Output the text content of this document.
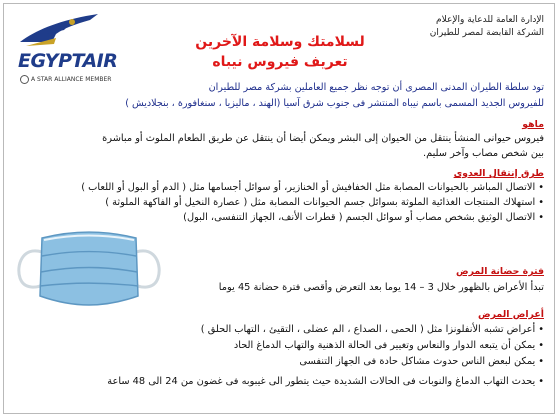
EGYPTAIR
A STAR ALLIANCE MEMBER
الإدارة العامة للدعاية والإعلام
الشركة القابضة لمصر للطيران
لسلامتك وسلامة الآخرين
تعريف فيروس نيباه
تود سلطة الطيران المدنى المصرى أن توجه نظر جميع العاملين بشركة مصر للطيران
للفيروس الجديد المسمى باسم نيباه المنتشر فى جنوب شرق آسيا (الهند ، ماليزيا ، سنغافورة ، بنجلاديش )
ماهو
فيروس حيوانى المنشأ ينتقل من الحيوان إلى البشر ويمكن أيضا أن ينتقل عن طريق الطعام الملوث أو مباشرة
بين شخص مصاب وآخر سليم.
طرق إنتقال العدوى
• الاتصال المباشر بالحيوانات المصابة مثل الخفافيش أو الخنازير، أو سوائل أجسامها مثل ( الدم أو البول أو اللعاب )
• استهلاك المنتجات الغذائية الملوثة بسوائل جسم الحيوانات المصابة مثل ( عصارة النخيل أو الفاكهة الملوثة )
• الاتصال الوثيق بشخص مصاب أو سوائل الجسم ( قطرات الأنف، الجهاز التنفسى، البول)
فترة حضانة المرض
تبدأ الأعراض بالظهور خلال 3 – 14 يوما بعد التعرض وأقصى فترة حضانة 45 يوما
أعراض المرض
• أعراض تشبه الأنفلونزا مثل ( الحمى ، الصداع ، الم عضلى ، التقيئ ، التهاب الحلق )
• يمكن أن يتبعه الدوار والنعاس وتغيير فى الحالة الذهنية والتهاب الدماغ الحاد
• يمكن لبعض الناس حدوث مشاكل حادة فى الجهاز التنفسى
• يحدث التهاب الدماغ والنوبات فى الحالات الشديدة حيث يتطور الى غيبوبه فى غضون من 24 الى 48 ساعة
